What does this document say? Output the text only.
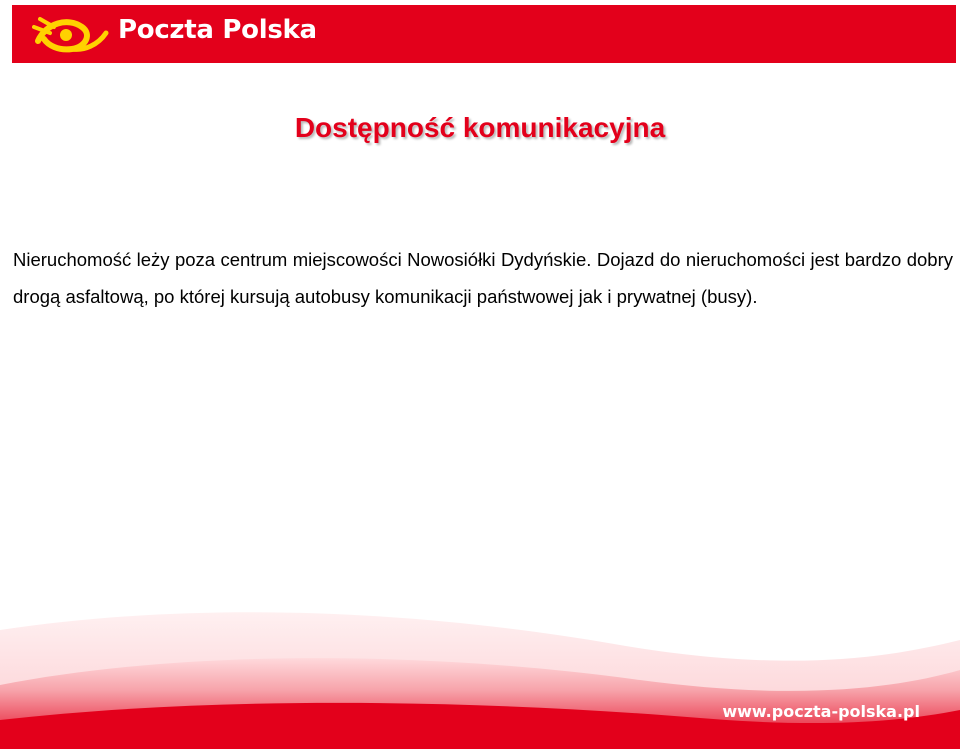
Poczta Polska
Dostępność komunikacyjna

Nieruchomość leży poza centrum miejscowości Nowosiółki Dydyńskie. Dojazd do nieruchomości jest bardzo dobry drogą asfaltową, po której kursują autobusy komunikacji państwowej jak i prywatnej (busy).

www.poczta-polska.pl
